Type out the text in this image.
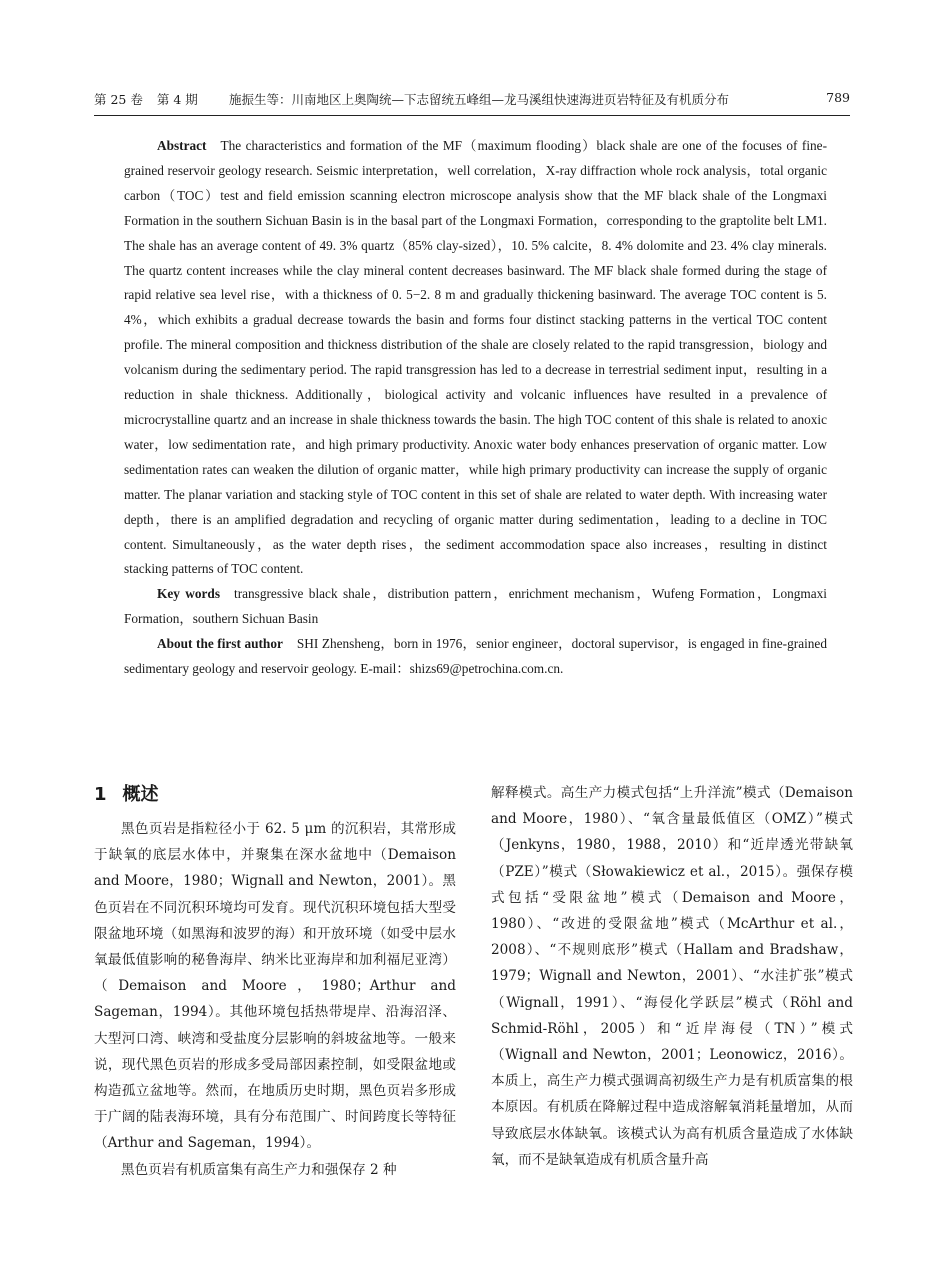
第 25 卷 第 4 期	施振生等：川南地区上奥陶统—下志留统五峰组—龙马溪组快速海进页岩特征及有机质分布	789

Abstract The characteristics and formation of the MF（maximum flooding）black shale are one of the focuses of fine-grained reservoir geology research. Seismic interpretation，well correlation，X-ray diffraction whole rock analysis，total organic carbon（TOC）test and field emission scanning electron microscope analysis show that the MF black shale of the Longmaxi Formation in the southern Sichuan Basin is in the basal part of the Longmaxi Formation，corresponding to the graptolite belt LM1. The shale has an average content of 49. 3% quartz（85% clay-sized），10. 5% calcite，8. 4% dolomite and 23. 4% clay minerals. The quartz content increases while the clay mineral content decreases basinward. The MF black shale formed during the stage of rapid relative sea level rise，with a thickness of 0. 5−2. 8 m and gradually thickening basinward. The average TOC content is 5. 4%，which exhibits a gradual decrease towards the basin and forms four distinct stacking patterns in the vertical TOC content profile. The mineral composition and thickness distribution of the shale are closely related to the rapid transgression，biology and volcanism during the sedimentary period. The rapid transgression has led to a decrease in terrestrial sediment input，resulting in a reduction in shale thickness. Additionally，biological activity and volcanic influences have resulted in a prevalence of microcrystalline quartz and an increase in shale thickness towards the basin. The high TOC content of this shale is related to anoxic water，low sedimentation rate，and high primary productivity. Anoxic water body enhances preservation of organic matter. Low sedimentation rates can weaken the dilution of organic matter，while high primary productivity can increase the supply of organic matter. The planar variation and stacking style of TOC content in this set of shale are related to water depth. With increasing water depth，there is an amplified degradation and recycling of organic matter during sedimentation，leading to a decline in TOC content. Simultaneously，as the water depth rises，the sediment accommodation space also increases，resulting in distinct stacking patterns of TOC content.

Key words transgressive black shale，distribution pattern，enrichment mechanism，Wufeng Formation，Longmaxi Formation，southern Sichuan Basin

About the first author SHI Zhensheng，born in 1976，senior engineer，doctoral supervisor，is engaged in fine-grained sedimentary geology and reservoir geology. E-mail：shizs69@petrochina.com.cn.

1 概述

黑色页岩是指粒径小于 62. 5 μm 的沉积岩，其常形成于缺氧的底层水体中，并聚集在深水盆地中（Demaison and Moore，1980；Wignall and Newton，2001）。黑色页岩在不同沉积环境均可发育。现代沉积环境包括大型受限盆地环境（如黑海和波罗的海）和开放环境（如受中层水氧最低值影响的秘鲁海岸、纳米比亚海岸和加利福尼亚湾）（Demaison and Moore，1980；Arthur and Sageman，1994）。其他环境包括热带堤岸、沿海沼泽、大型河口湾、峡湾和受盐度分层影响的斜坡盆地等。一般来说，现代黑色页岩的形成多受局部因素控制，如受限盆地或构造孤立盆地等。然而，在地质历史时期，黑色页岩多形成于广阔的陆表海环境，具有分布范围广、时间跨度长等特征（Arthur and Sageman，1994）。

黑色页岩有机质富集有高生产力和强保存 2 种

解释模式。高生产力模式包括“上升洋流”模式（Demaison and Moore，1980）、“氧含量最低值区（OMZ）”模式（Jenkyns，1980，1988，2010）和“近岸透光带缺氧（PZE）”模式（Słowakiewicz et al.，2015）。强保存模式包括“受限盆地”模式（Demaison and Moore，1980）、“改进的受限盆地”模式（McArthur et al.，2008）、“不规则底形”模式（Hallam and Bradshaw，1979；Wignall and Newton，2001）、“水洼扩张”模式（Wignall，1991）、“海侵化学跃层”模式（Röhl and Schmid-Röhl，2005）和“近岸海侵（TN）”模式（Wignall and Newton，2001；Leonowicz，2016）。本质上，高生产力模式强调高初级生产力是有机质富集的根本原因。有机质在降解过程中造成溶解氧消耗量增加，从而导致底层水体缺氧。该模式认为高有机质含量造成了水体缺氧，而不是缺氧造成有机质含量升高
